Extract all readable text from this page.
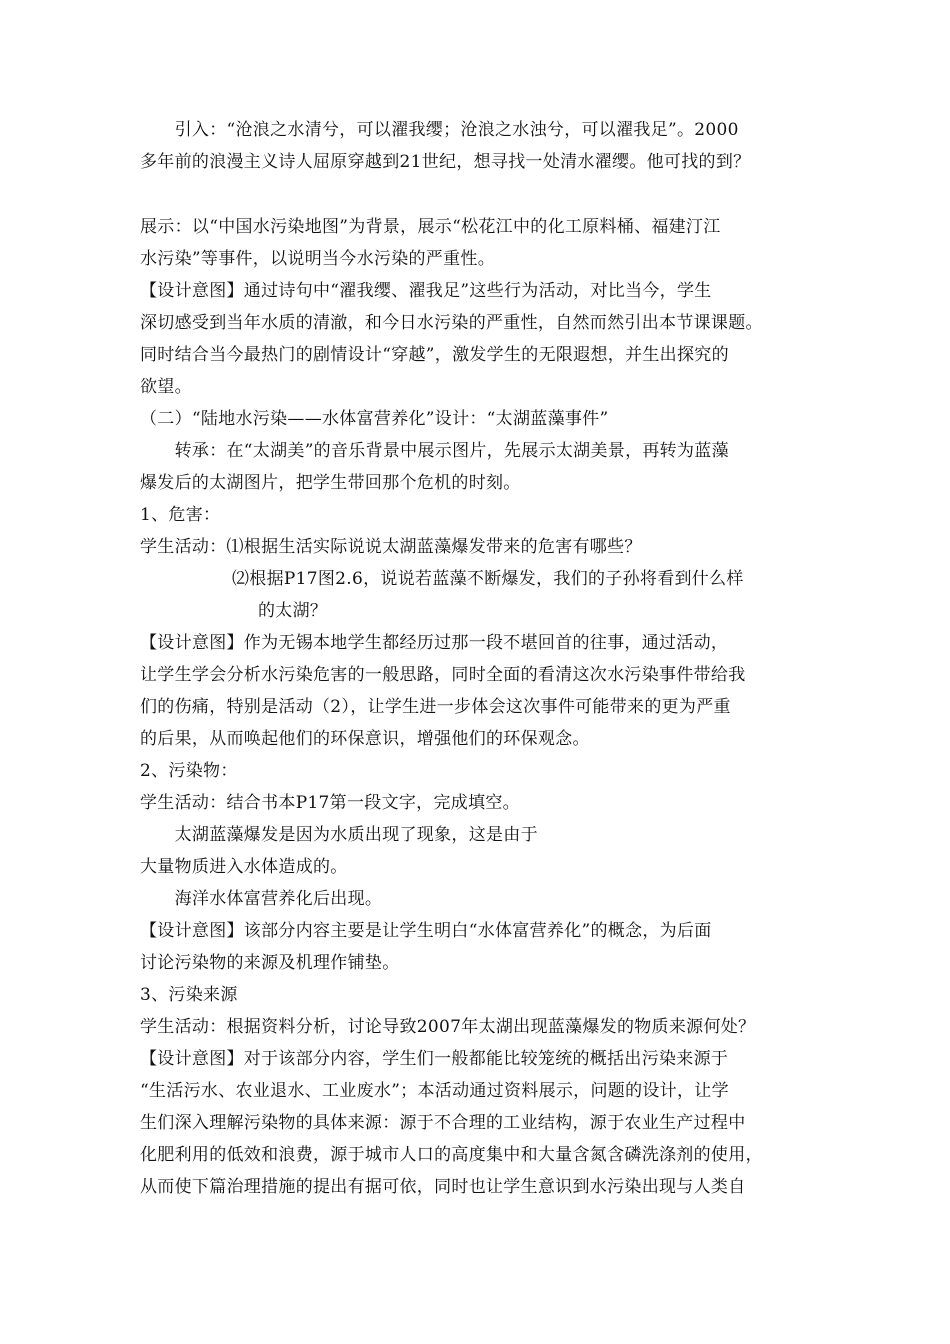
　　引入：“沧浪之水清兮，可以濯我缨；沧浪之水浊兮，可以濯我足”。2000
多年前的浪漫主义诗人屈原穿越到21世纪，想寻找一处清水濯缨。他可找的到？
展示：以“中国水污染地图”为背景，展示“松花江中的化工原料桶、福建汀江
水污染”等事件，以说明当今水污染的严重性。
【设计意图】通过诗句中“濯我缨、濯我足”这些行为活动，对比当今，学生
深切感受到当年水质的清澈，和今日水污染的严重性，自然而然引出本节课课题。
同时结合当今最热门的剧情设计“穿越”，激发学生的无限遐想，并生出探究的
欲望。
（二）“陆地水污染——水体富营养化”设计：“太湖蓝藻事件”
　　转承：在“太湖美”的音乐背景中展示图片，先展示太湖美景，再转为蓝藻
爆发后的太湖图片，把学生带回那个危机的时刻。
1、危害：
学生活动：⑴根据生活实际说说太湖蓝藻爆发带来的危害有哪些？
⑵根据P17图2.6，说说若蓝藻不断爆发，我们的子孙将看到什么样
的太湖？
【设计意图】作为无锡本地学生都经历过那一段不堪回首的往事，通过活动，
让学生学会分析水污染危害的一般思路，同时全面的看清这次水污染事件带给我
们的伤痛，特别是活动（2），让学生进一步体会这次事件可能带来的更为严重
的后果，从而唤起他们的环保意识，增强他们的环保观念。
2、污染物：
学生活动：结合书本P17第一段文字，完成填空。
　　太湖蓝藻爆发是因为水质出现了现象，这是由于
大量物质进入水体造成的。
　　海洋水体富营养化后出现。
【设计意图】该部分内容主要是让学生明白“水体富营养化”的概念，为后面
讨论污染物的来源及机理作铺垫。
3、污染来源
学生活动：根据资料分析，讨论导致2007年太湖出现蓝藻爆发的物质来源何处？
【设计意图】对于该部分内容，学生们一般都能比较笼统的概括出污染来源于
“生活污水、农业退水、工业废水”；本活动通过资料展示，问题的设计，让学
生们深入理解污染物的具体来源：源于不合理的工业结构，源于农业生产过程中
化肥利用的低效和浪费，源于城市人口的高度集中和大量含氮含磷洗涤剂的使用，
从而使下篇治理措施的提出有据可依，同时也让学生意识到水污染出现与人类自
